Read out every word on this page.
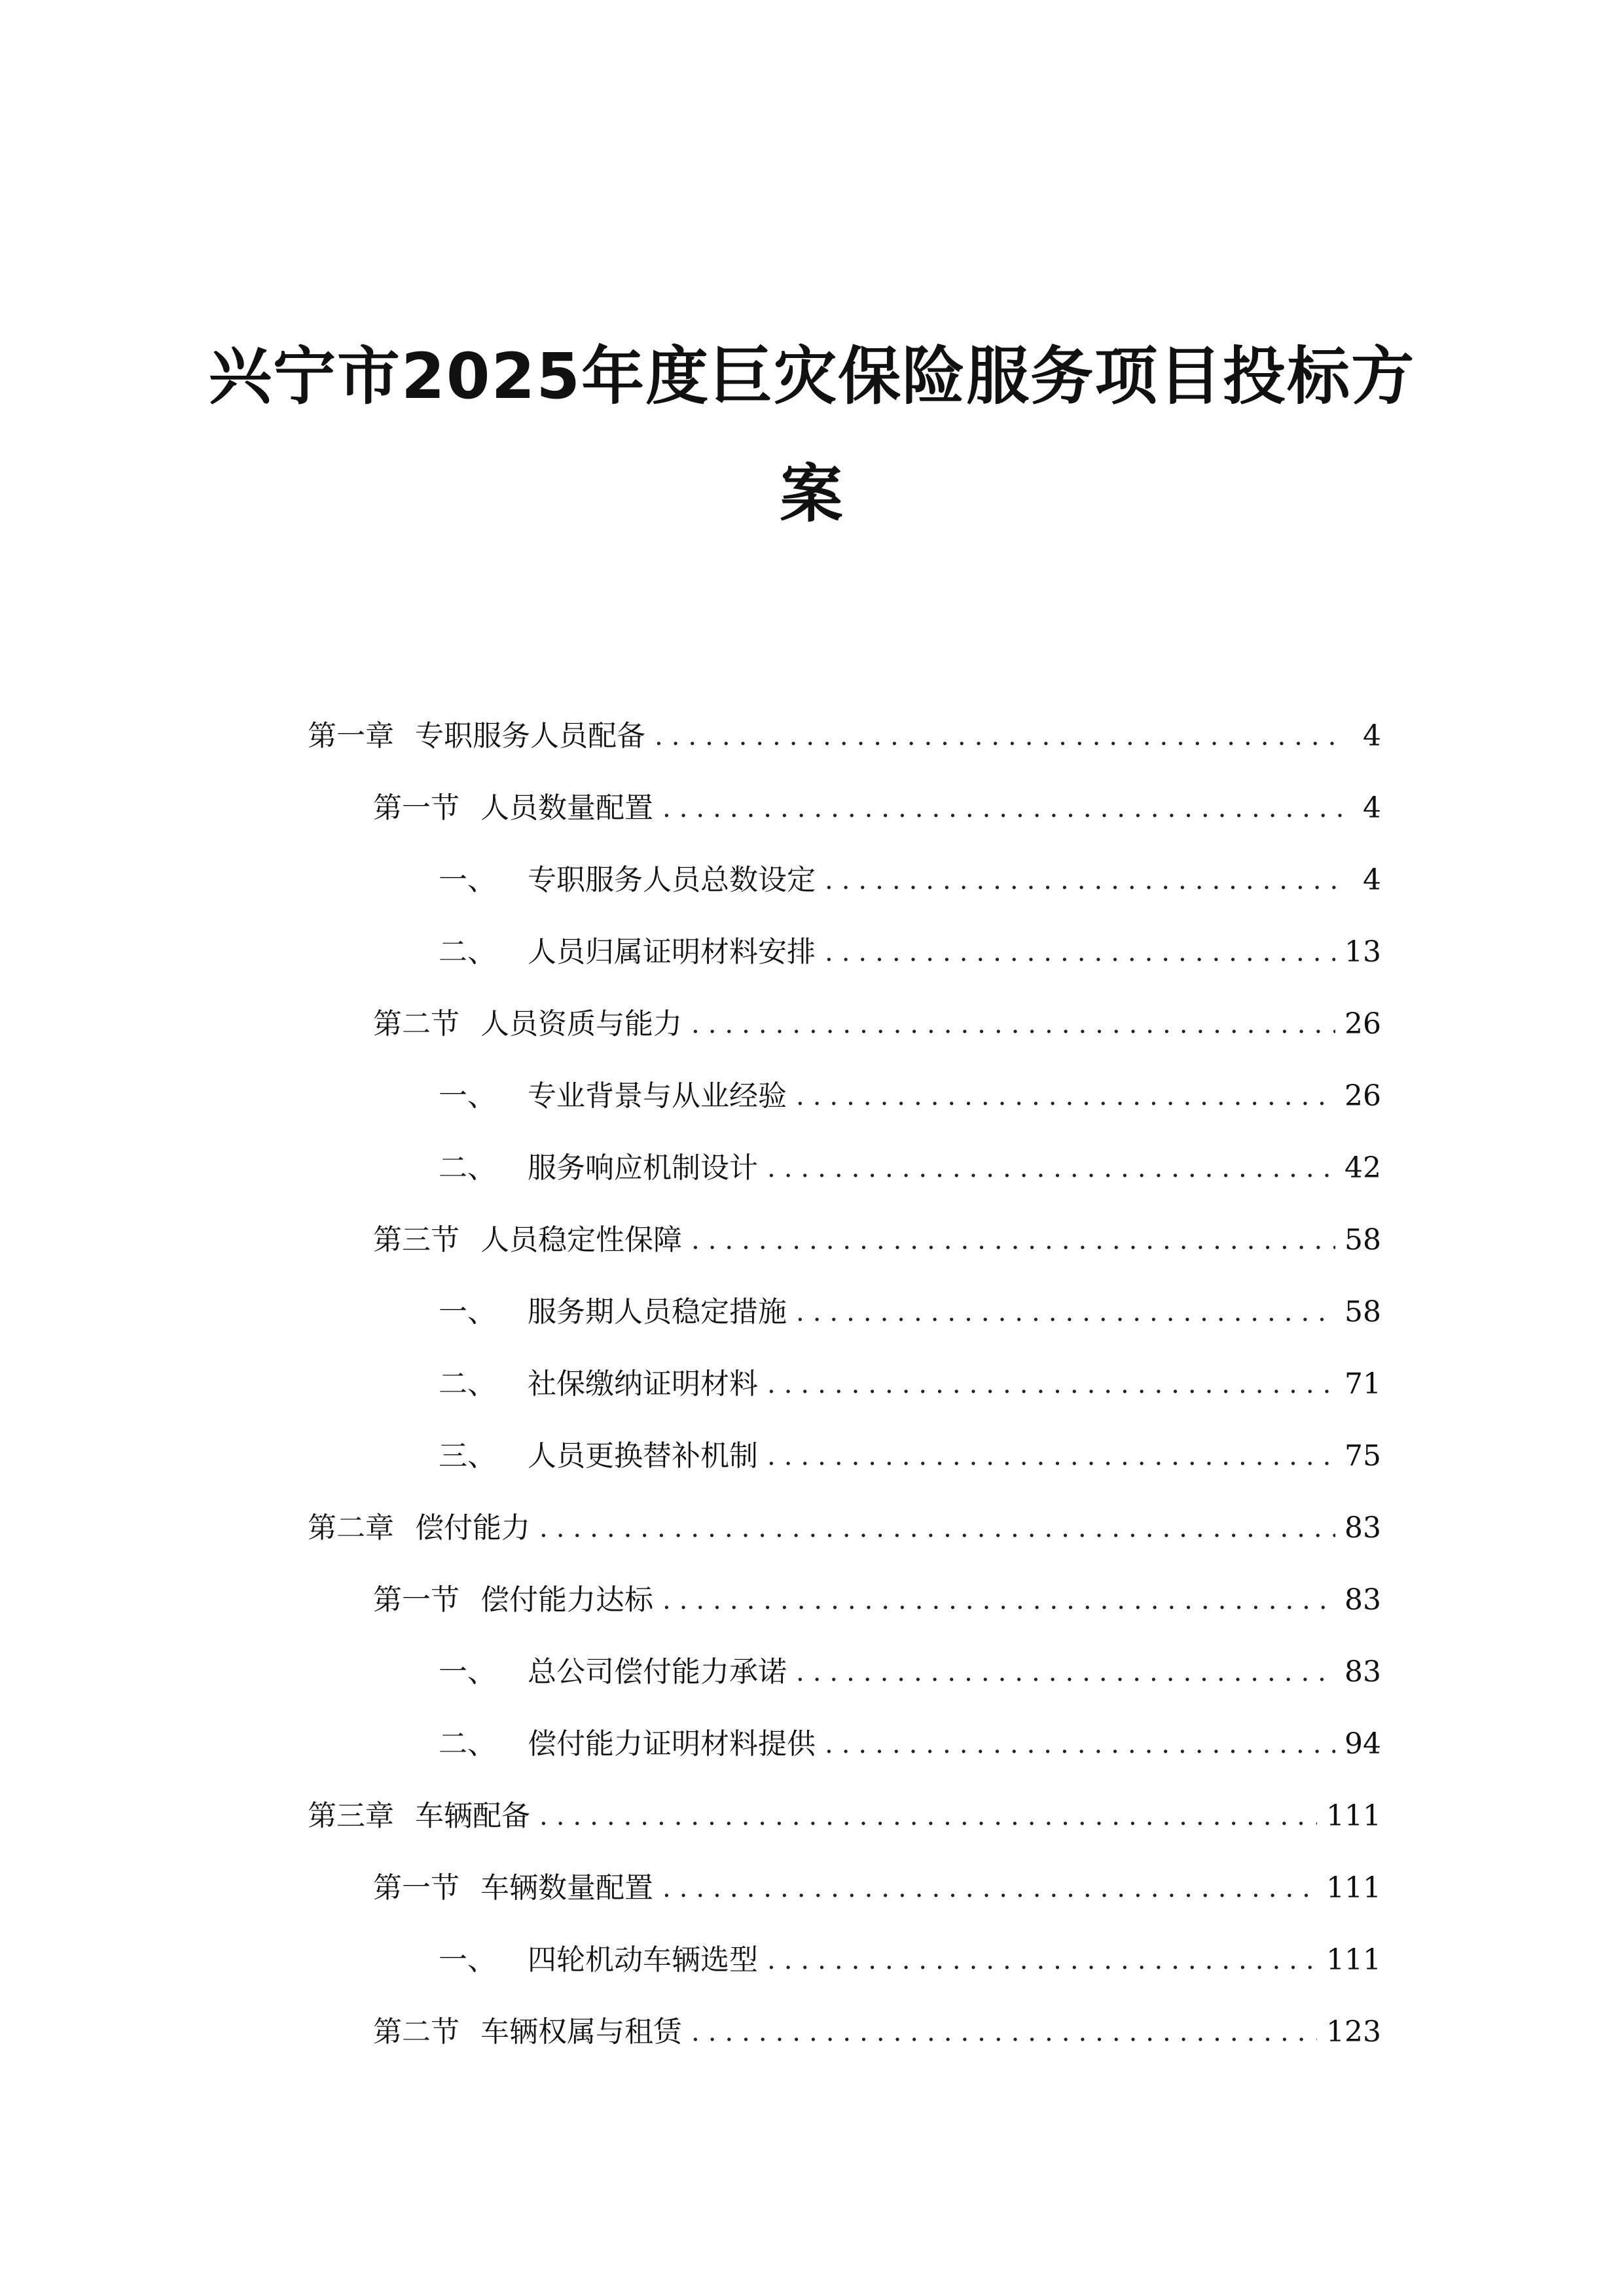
兴宁市2025年度巨灾保险服务项目投标方
案
第一章 专职服务人员配备 .....	4
第一节 人员数量配置 .....	4
一、 专职服务人员总数设定 .....	4
二、 人员归属证明材料安排 .....	13
第二节 人员资质与能力 .....	26
一、 专业背景与从业经验 .....	26
二、 服务响应机制设计 .....	42
第三节 人员稳定性保障 .....	58
一、 服务期人员稳定措施 .....	58
二、 社保缴纳证明材料 .....	71
三、 人员更换替补机制 .....	75
第二章 偿付能力 .....	83
第一节 偿付能力达标 .....	83
一、 总公司偿付能力承诺 .....	83
二、 偿付能力证明材料提供 .....	94
第三章 车辆配备 .....	111
第一节 车辆数量配置 .....	111
一、 四轮机动车辆选型 .....	111
第二节 车辆权属与租赁 .....	123
